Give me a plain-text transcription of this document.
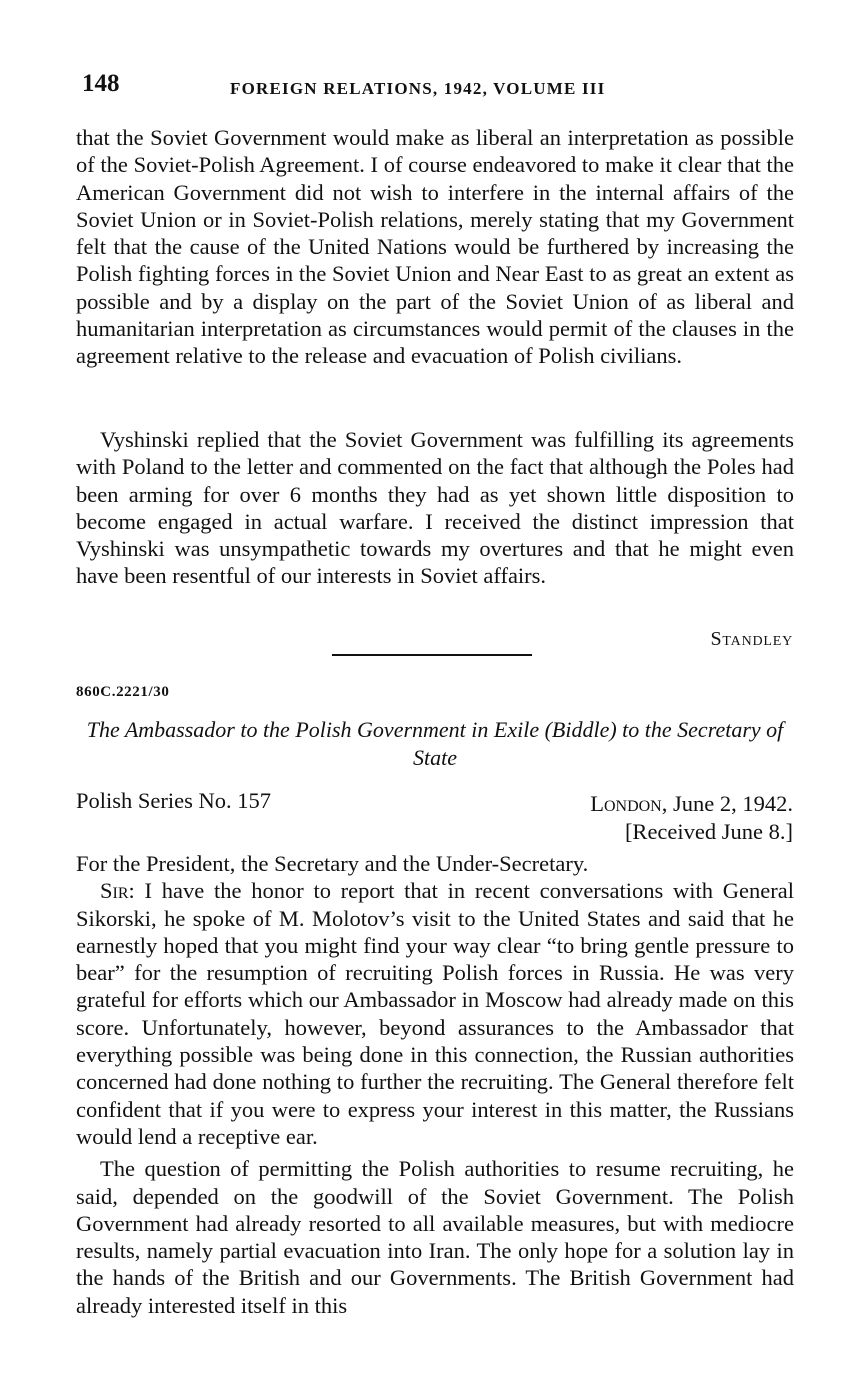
148	FOREIGN RELATIONS, 1942, VOLUME III

that the Soviet Government would make as liberal an interpretation as possible of the Soviet-Polish Agreement. I of course endeavored to make it clear that the American Government did not wish to interfere in the internal affairs of the Soviet Union or in Soviet-Polish relations, merely stating that my Government felt that the cause of the United Nations would be furthered by increasing the Polish fighting forces in the Soviet Union and Near East to as great an extent as possible and by a display on the part of the Soviet Union of as liberal and humanitarian interpretation as circumstances would permit of the clauses in the agreement relative to the release and evacuation of Polish civilians.

Vyshinski replied that the Soviet Government was fulfilling its agreements with Poland to the letter and commented on the fact that although the Poles had been arming for over 6 months they had as yet shown little disposition to become engaged in actual warfare. I received the distinct impression that Vyshinski was unsympathetic towards my overtures and that he might even have been resentful of our interests in Soviet affairs.

Standley
860C.2221/30
The Ambassador to the Polish Government in Exile (Biddle) to the Secretary of State
Polish Series No. 157	London, June 2, 1942.
[Received June 8.]

For the President, the Secretary and the Under-Secretary.

Sir: I have the honor to report that in recent conversations with General Sikorski, he spoke of M. Molotov’s visit to the United States and said that he earnestly hoped that you might find your way clear “to bring gentle pressure to bear” for the resumption of recruiting Polish forces in Russia. He was very grateful for efforts which our Ambassador in Moscow had already made on this score. Unfortunately, however, beyond assurances to the Ambassador that everything possible was being done in this connection, the Russian authorities concerned had done nothing to further the recruiting. The General therefore felt confident that if you were to express your interest in this matter, the Russians would lend a receptive ear.

The question of permitting the Polish authorities to resume recruiting, he said, depended on the goodwill of the Soviet Government. The Polish Government had already resorted to all available measures, but with mediocre results, namely partial evacuation into Iran. The only hope for a solution lay in the hands of the British and our Governments. The British Government had already interested itself in this
